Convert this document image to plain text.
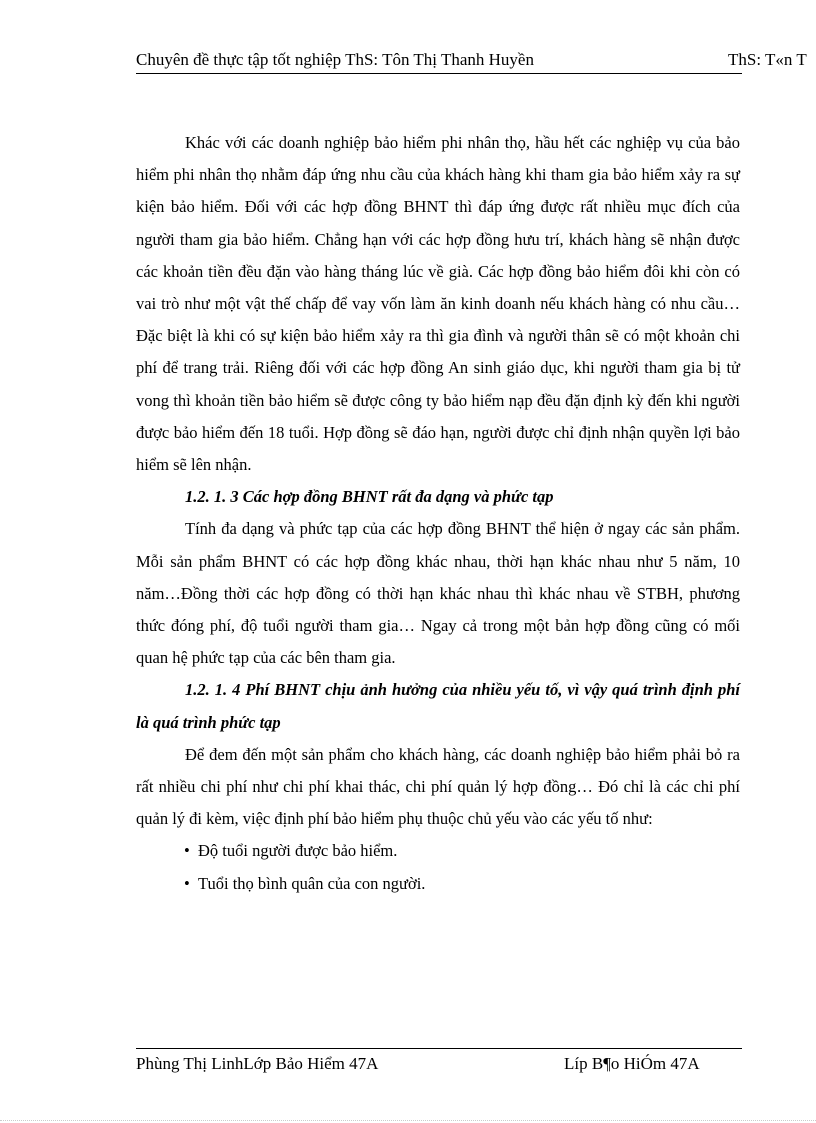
Chuyên đề thực tập tốt nghiệp ThS: Tôn Thị Thanh Huyền	ThS: T«n T

Khác với các doanh nghiệp bảo hiểm phi nhân thọ, hầu hết các nghiệp vụ của bảo hiểm phi nhân thọ nhằm đáp ứng nhu cầu của khách hàng khi tham gia bảo hiểm xảy ra sự kiện bảo hiểm. Đối với các hợp đồng BHNT thì đáp ứng được rất nhiều mục đích của người tham gia bảo hiểm. Chẳng hạn với các hợp đồng hưu trí, khách hàng sẽ nhận được các khoản tiền đều đặn vào hàng tháng lúc về già. Các hợp đồng bảo hiểm đôi khi còn có vai trò như một vật thế chấp để vay vốn làm ăn kinh doanh nếu khách hàng có nhu cầu…Đặc biệt là khi có sự kiện bảo hiểm xảy ra thì gia đình và người thân sẽ có một khoản chi phí để trang trải. Riêng đối với các hợp đồng An sinh giáo dục, khi người tham gia bị tử vong thì khoản tiền bảo hiểm sẽ được công ty bảo hiểm nạp đều đặn định kỳ đến khi người được bảo hiểm đến 18 tuổi. Hợp đồng sẽ đáo hạn, người được chỉ định nhận quyền lợi bảo hiểm sẽ lên nhận.

1.2. 1. 3 Các hợp đồng BHNT rất đa dạng và phức tạp

Tính đa dạng và phức tạp của các hợp đồng BHNT thể hiện ở ngay các sản phẩm. Mỗi sản phẩm BHNT có các hợp đồng khác nhau, thời hạn khác nhau như 5 năm, 10 năm…Đồng thời các hợp đồng có thời hạn khác nhau thì khác nhau về STBH, phương thức đóng phí, độ tuổi người tham gia… Ngay cả trong một bản hợp đồng cũng có mối quan hệ phức tạp của các bên tham gia.

1.2. 1. 4 Phí BHNT chịu ảnh hưởng của nhiều yếu tố, vì vậy quá trình định phí là quá trình phức tạp

Để đem đến một sản phẩm cho khách hàng, các doanh nghiệp bảo hiểm phải bỏ ra rất nhiều chi phí như chi phí khai thác, chi phí quản lý hợp đồng… Đó chỉ là các chi phí quản lý đi kèm, việc định phí bảo hiểm phụ thuộc chủ yếu vào các yếu tố như:

• Độ tuổi người được bảo hiểm.

• Tuổi thọ bình quân của con người.

Phùng Thị LinhLớp Bảo Hiểm 47A	Líp B¶o HiÓm 47A
